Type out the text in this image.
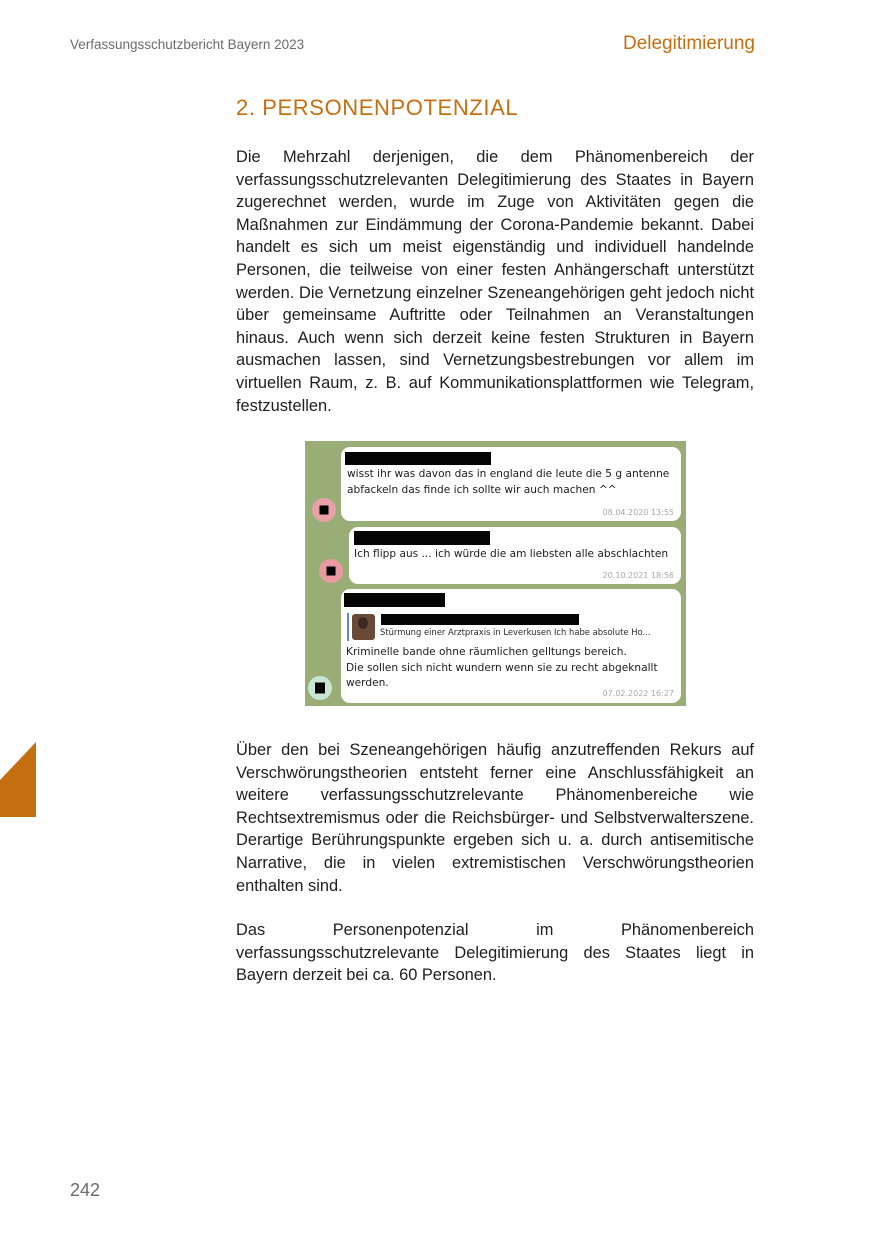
Verfassungsschutzbericht Bayern 2023	Delegitimierung
2. PERSONENPOTENZIAL

Die Mehrzahl derjenigen, die dem Phänomenbereich der verfassungsschutzrelevanten Delegitimierung des Staates in Bayern zugerechnet werden, wurde im Zuge von Aktivitäten gegen die Maßnahmen zur Eindämmung der Corona-Pandemie bekannt. Dabei handelt es sich um meist eigenständig und individuell handelnde Personen, die teilweise von einer festen Anhängerschaft unterstützt werden. Die Vernetzung einzelner Szeneangehörigen geht jedoch nicht über gemeinsame Auftritte oder Teilnahmen an Veranstaltungen hinaus. Auch wenn sich derzeit keine festen Strukturen in Bayern ausmachen lassen, sind Vernetzungsbestrebungen vor allem im virtuellen Raum, z. B. auf Kommunikationsplattformen wie Telegram, festzustellen.

wisst ihr was davon das in england die leute die 5 g antenne
abfackeln das finde ich sollte wir auch machen ^^
08.04.2020 13:55
Ich flipp aus ... ich würde die am liebsten alle abschlachten
20.10.2021 18:56
Stürmung einer Arztpraxis in Leverkusen Ich habe absolute Ho...
Kriminelle bande ohne räumlichen gelltungs bereich.
Die sollen sich nicht wundern wenn sie zu recht abgeknallt
werden.
07.02.2022 16:27

Über den bei Szeneangehörigen häufig anzutreffenden Rekurs auf Verschwörungstheorien entsteht ferner eine Anschlussfähigkeit an weitere verfassungsschutzrelevante Phänomenbereiche wie Rechtsextremismus oder die Reichsbürger- und Selbstverwalterszene. Derartige Berührungspunkte ergeben sich u. a. durch antisemitische Narrative, die in vielen extremistischen Verschwörungstheorien enthalten sind.

Das Personenpotenzial im Phänomenbereich verfassungsschutzrelevante Delegitimierung des Staates liegt in Bayern derzeit bei ca. 60 Personen.

242
